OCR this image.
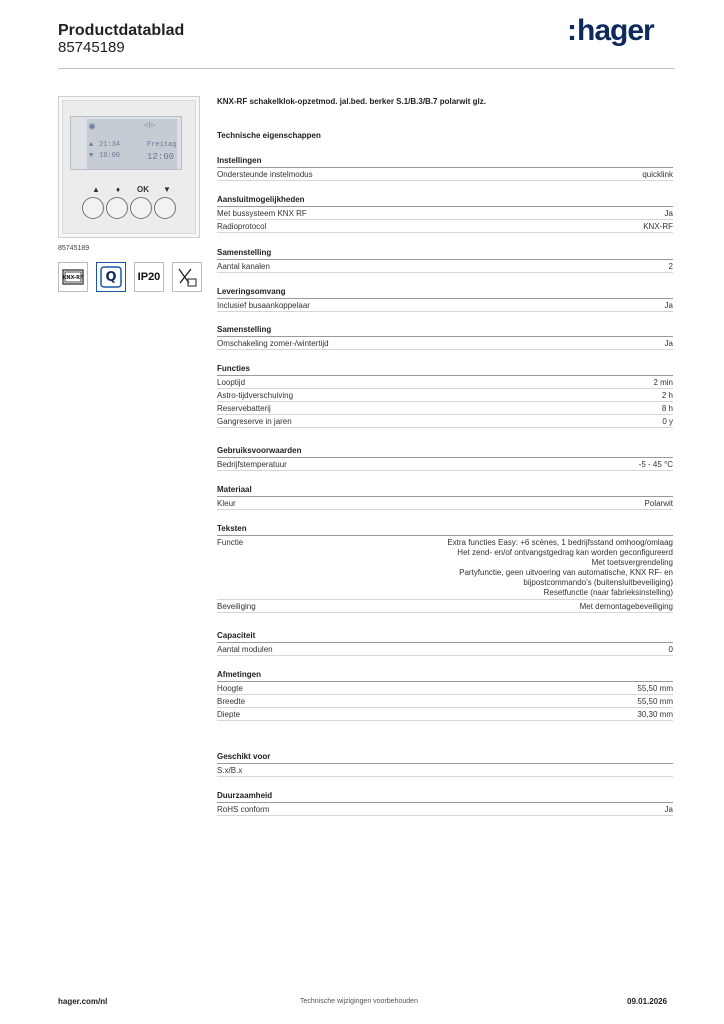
Productdatablad
85745189
:hager
◉	◁|▷
▲ 21:34
▼ 18:00
Freitag
12:00
▲ ♦ OK ▼
85745189
KNX-RF Q IP20
KNX-RF schakelklok-opzetmod. jal.bed. berker S.1/B.3/B.7 polarwit glz.
Technische eigenschappen
Instellingen
Ondersteunde instelmodus	quicklink
Aansluitmogelijkheden
Met bussysteem KNX RF	Ja
Radioprotocol	KNX-RF
Samenstelling
Aantal kanalen	2
Leveringsomvang
Inclusief busaankoppelaar	Ja
Samenstelling
Omschakeling zomer-/wintertijd	Ja
Functies
Looptijd	2 min
Astro-tijdverschuiving	2 h
Reservebatterij	8 h
Gangreserve in jaren	0 y
Gebruiksvoorwaarden
Bedrijfstemperatuur	-5 - 45 °C
Materiaal
Kleur	Polarwit
Teksten
Functie	Extra functies Easy: +6 scènes, 1 bedrijfsstand omhoog/omlaag
Het zend- en/of ontvangstgedrag kan worden geconfigureerd
Met toetsvergrendeling
Partyfunctie, geen uitvoering van automatische, KNX RF- en
bijpostcommando's (buitensluitbeveiliging)
Resetfunctie (naar fabrieksinstelling)
Beveiliging	Met demontagebeveiliging
Capaciteit
Aantal modulen	0
Afmetingen
Hoogte	55,50 mm
Breedte	55,50 mm
Diepte	30,30 mm
Geschikt voor
S.x/B.x
Duurzaamheid
RoHS conform	Ja
hager.com/nl	Technische wijzigingen voorbehouden	09.01.2026
